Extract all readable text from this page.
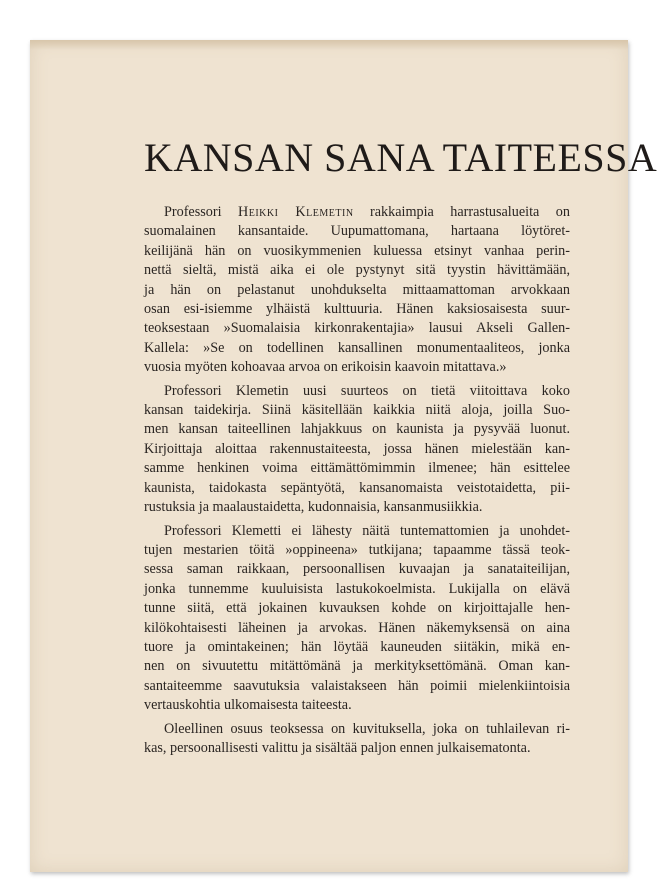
KANSAN SANA TAITEESSA

Professori Heikki Klemetin rakkaimpia harrastusalueita on
suomalainen kansantaide. Uupumattomana, hartaana löytöret-
keilijänä hän on vuosikymmenien kuluessa etsinyt vanhaa perin-
nettä sieltä, mistä aika ei ole pystynyt sitä tyystin hävittämään,
ja hän on pelastanut unohdukselta mittaamattoman arvokkaan
osan esi-isiemme ylhäistä kulttuuria. Hänen kaksiosaisesta suur-
teoksestaan »Suomalaisia kirkonrakentajia» lausui Akseli Gallen-
Kallela: »Se on todellinen kansallinen monumentaaliteos, jonka
vuosia myöten kohoavaa arvoa on erikoisin kaavoin mitattava.»

Professori Klemetin uusi suurteos on tietä viitoittava koko
kansan taidekirja. Siinä käsitellään kaikkia niitä aloja, joilla Suo-
men kansan taiteellinen lahjakkuus on kaunista ja pysyvää luonut.
Kirjoittaja aloittaa rakennustaiteesta, jossa hänen mielestään kan-
samme henkinen voima eittämättömimmin ilmenee; hän esittelee
kaunista, taidokasta sepäntyötä, kansanomaista veistotaidetta, pii-
rustuksia ja maalaustaidetta, kudonnaisia, kansanmusiikkia.

Professori Klemetti ei lähesty näitä tuntemattomien ja unohdet-
tujen mestarien töitä »oppineena» tutkijana; tapaamme tässä teok-
sessa saman raikkaan, persoonallisen kuvaajan ja sanataiteilijan,
jonka tunnemme kuuluisista lastukokoelmista. Lukijalla on elävä
tunne siitä, että jokainen kuvauksen kohde on kirjoittajalle hen-
kilökohtaisesti läheinen ja arvokas. Hänen näkemyksensä on aina
tuore ja omintakeinen; hän löytää kauneuden siitäkin, mikä en-
nen on sivuutettu mitättömänä ja merkityksettömänä. Oman kan-
santaiteemme saavutuksia valaistakseen hän poimii mielenkiintoisia
vertauskohtia ulkomaisesta taiteesta.

Oleellinen osuus teoksessa on kuvituksella, joka on tuhlailevan ri-
kas, persoonallisesti valittu ja sisältää paljon ennen julkaisematonta.
